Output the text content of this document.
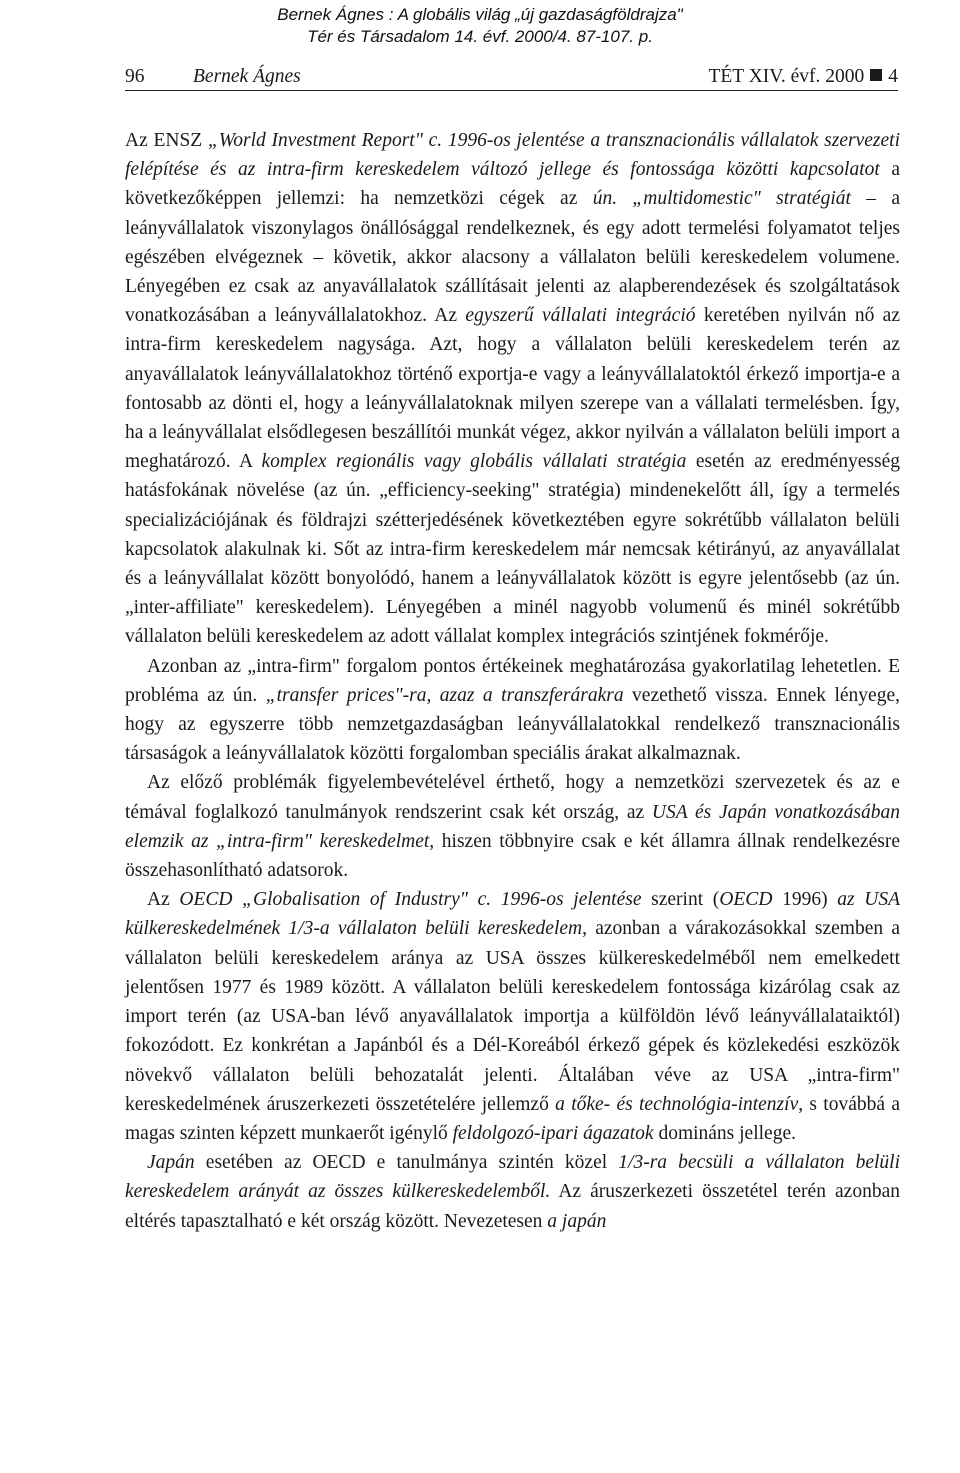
Bernek Ágnes : A globális világ „új gazdaságföldrajza"
Tér és Társadalom 14. évf. 2000/4. 87-107. p.
96 Bernek Ágnes	TÉT XIV. évf. 2000 4

Az ENSZ „World Investment Report" c. 1996-os jelentése a transznacionális vállalatok szervezeti felépítése és az intra-firm kereskedelem változó jellege és fontossága közötti kapcsolatot a következőképpen jellemzi: ha nemzetközi cégek az ún. „multidomestic" stratégiát – a leányvállalatok viszonylagos önállósággal rendelkeznek, és egy adott termelési folyamatot teljes egészében elvégeznek – követik, akkor alacsony a vállalaton belüli kereskedelem volumene. Lényegében ez csak az anyavállalatok szállításait jelenti az alapberendezések és szolgáltatások vonatkozásában a leányvállalatokhoz. Az egyszerű vállalati integráció keretében nyilván nő az intra-firm kereskedelem nagysága. Azt, hogy a vállalaton belüli kereskedelem terén az anyavállalatok leányvállalatokhoz történő exportja-e vagy a leányvállalatoktól érkező importja-e a fontosabb az dönti el, hogy a leányvállalatoknak milyen szerepe van a vállalati termelésben. Így, ha a leányvállalat elsődlegesen beszállítói munkát végez, akkor nyilván a vállalaton belüli import a meghatározó. A komplex regionális vagy globális vállalati stratégia esetén az eredményesség hatásfokának növelése (az ún. „efficiency-seeking" stratégia) mindenekelőtt áll, így a termelés specializációjának és földrajzi szétterjedésének következtében egyre sokrétűbb vállalaton belüli kapcsolatok alakulnak ki. Sőt az intra-firm kereskedelem már nemcsak kétirányú, az anyavállalat és a leányvállalat között bonyolódó, hanem a leányvállalatok között is egyre jelentősebb (az ún. „inter-affiliate" kereskedelem). Lényegében a minél nagyobb volumenű és minél sokrétűbb vállalaton belüli kereskedelem az adott vállalat komplex integrációs szintjének fokmérője.

Azonban az „intra-firm" forgalom pontos értékeinek meghatározása gyakorlatilag lehetetlen. E probléma az ún. „transfer prices"-ra, azaz a transzferárakra vezethető vissza. Ennek lényege, hogy az egyszerre több nemzetgazdaságban leányvállalatokkal rendelkező transznacionális társaságok a leányvállalatok közötti forgalomban speciális árakat alkalmaznak.

Az előző problémák figyelembevételével érthető, hogy a nemzetközi szervezetek és az e témával foglalkozó tanulmányok rendszerint csak két ország, az USA és Japán vonatkozásában elemzik az „intra-firm" kereskedelmet, hiszen többnyire csak e két államra állnak rendelkezésre összehasonlítható adatsorok.

Az OECD „Globalisation of Industry" c. 1996-os jelentése szerint (OECD 1996) az USA külkereskedelmének 1/3-a vállalaton belüli kereskedelem, azonban a várakozásokkal szemben a vállalaton belüli kereskedelem aránya az USA összes külkereskedelméből nem emelkedett jelentősen 1977 és 1989 között. A vállalaton belüli kereskedelem fontossága kizárólag csak az import terén (az USA-ban lévő anyavállalatok importja a külföldön lévő leányvállalataiktól) fokozódott. Ez konkrétan a Japánból és a Dél-Koreából érkező gépek és közlekedési eszközök növekvő vállalaton belüli behozatalát jelenti. Általában véve az USA „intra-firm" kereskedelmének áruszerkezeti összetételére jellemző a tőke- és technológia-intenzív, s továbbá a magas szinten képzett munkaerőt igénylő feldolgozó-ipari ágazatok domináns jellege.

Japán esetében az OECD e tanulmánya szintén közel 1/3-ra becsüli a vállalaton belüli kereskedelem arányát az összes külkereskedelemből. Az áruszerkezeti összetétel terén azonban eltérés tapasztalható e két ország között. Nevezetesen a japán
